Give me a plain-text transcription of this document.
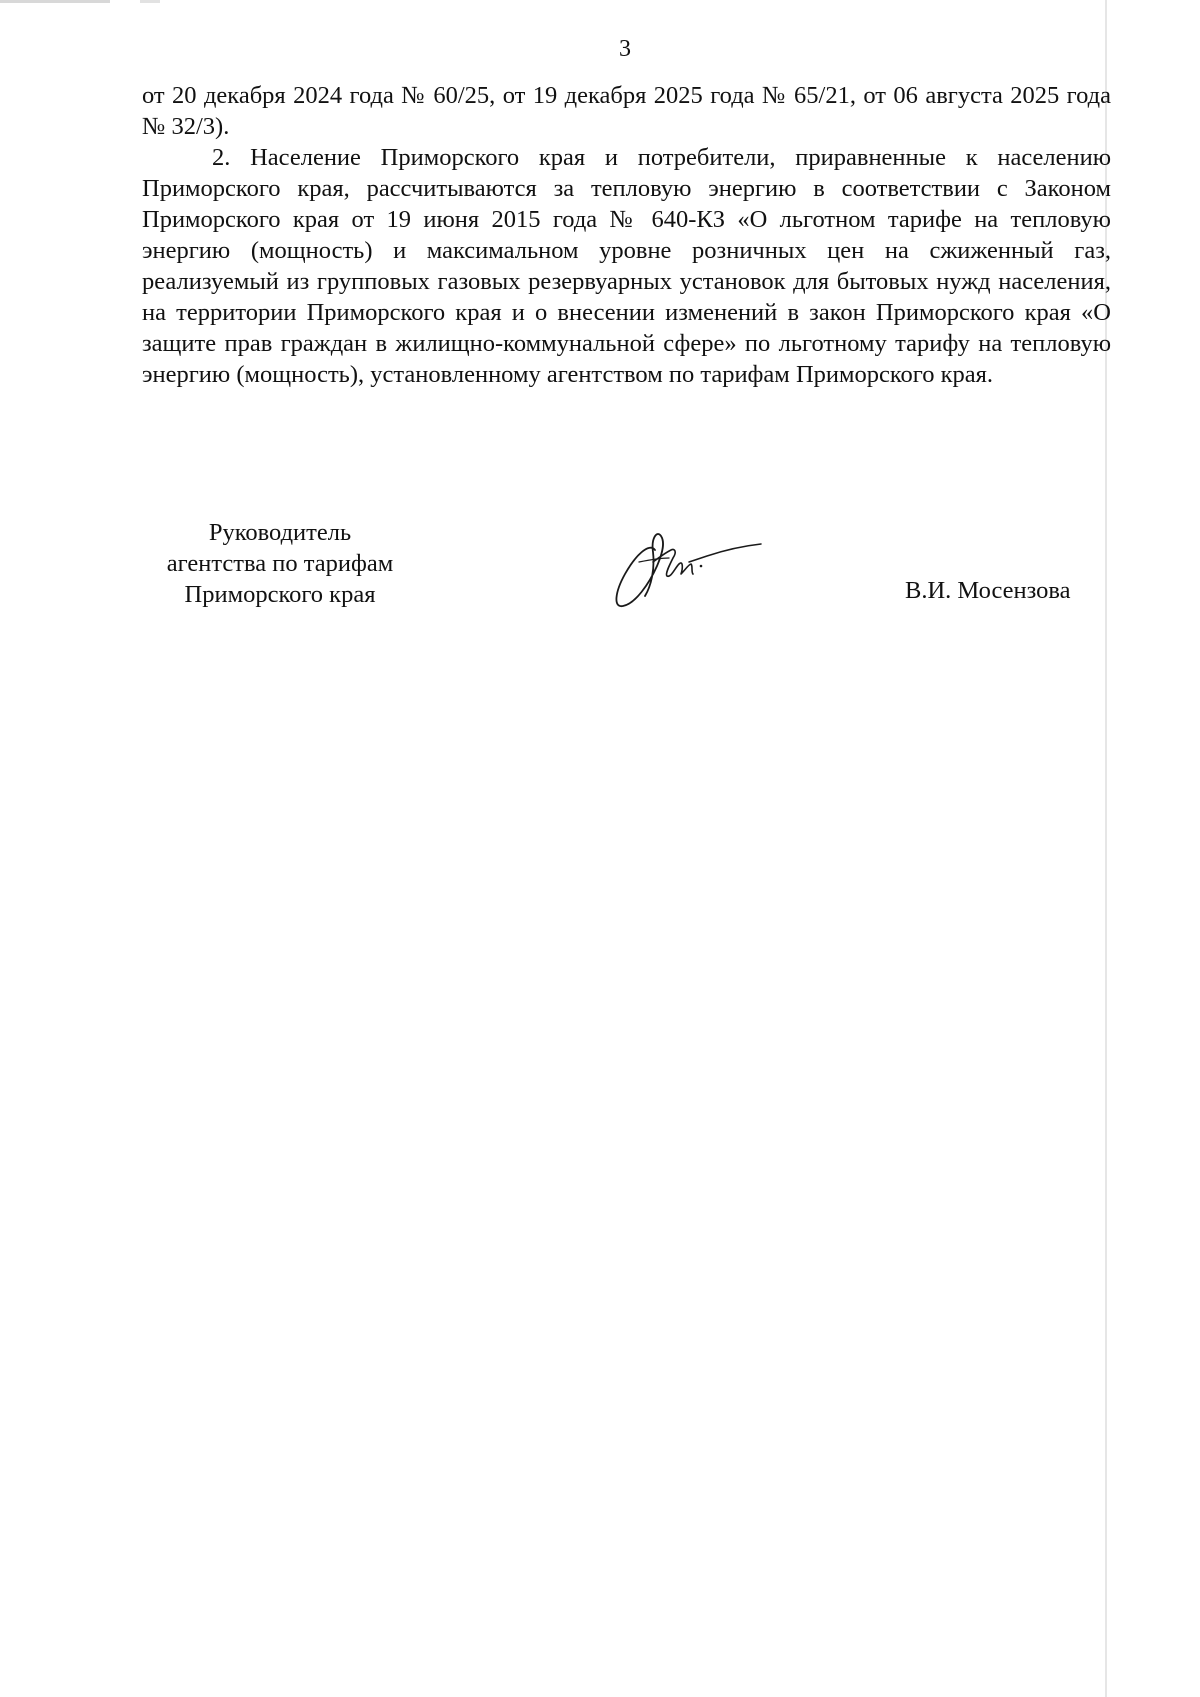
3

от 20 декабря 2024 года № 60/25, от 19 декабря 2025 года № 65/21, от 06 августа 2025 года № 32/3).

2. Население Приморского края и потребители, приравненные к населению Приморского края, рассчитываются за тепловую энергию в соответствии с Законом Приморского края от 19 июня 2015 года № 640-КЗ «О льготном тарифе на тепловую энергию (мощность) и максимальном уровне розничных цен на сжиженный газ, реализуемый из групповых газовых резервуарных установок для бытовых нужд населения, на территории Приморского края и о внесении изменений в закон Приморского края «О защите прав граждан в жилищно-коммунальной сфере» по льготному тарифу на тепловую энергию (мощность), установленному агентством по тарифам Приморского края.

Руководитель
агентства по тарифам
Приморского края	В.И. Мосензова
